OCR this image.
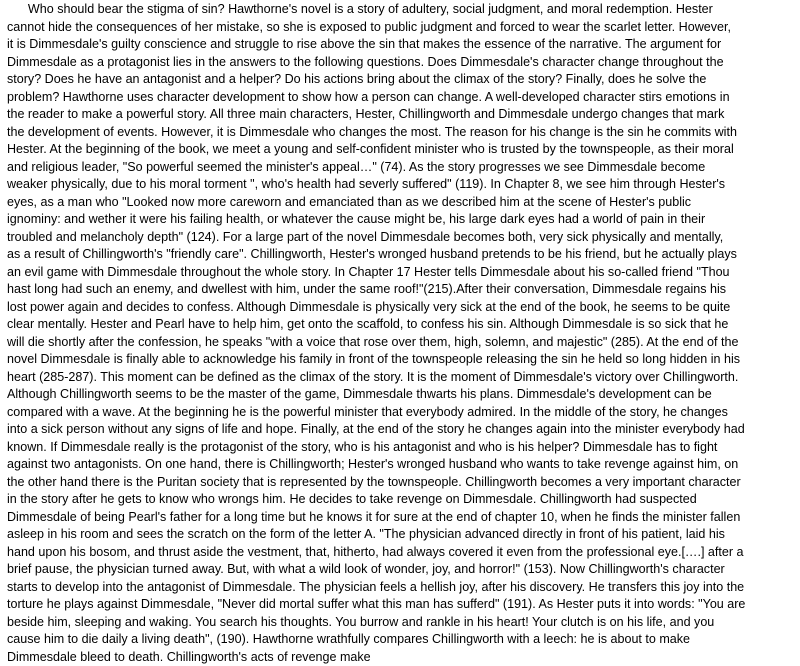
Who should bear the stigma of sin? Hawthorne's novel is a story of adultery, social judgment, and moral redemption. Hester
cannot hide the consequences of her mistake, so she is exposed to public judgment and forced to wear the scarlet letter. However,
it is Dimmesdale's guilty conscience and struggle to rise above the sin that makes the essence of the narrative. The argument for
Dimmesdale as a protagonist lies in the answers to the following questions. Does Dimmesdale's character change throughout the
story? Does he have an antagonist and a helper? Do his actions bring about the climax of the story? Finally, does he solve the
problem? Hawthorne uses character development to show how a person can change. A well-developed character stirs emotions in
the reader to make a powerful story. All three main characters, Hester, Chillingworth and Dimmesdale undergo changes that mark
the development of events. However, it is Dimmesdale who changes the most. The reason for his change is the sin he commits with
Hester. At the beginning of the book, we meet a young and self-confident minister who is trusted by the townspeople, as their moral
and religious leader, "So powerful seemed the minister's appeal…" (74). As the story progresses we see Dimmesdale become
weaker physically, due to his moral torment ", who's health had severly suffered" (119). In Chapter 8, we see him through Hester's
eyes, as a man who "Looked now more careworn and emanciated than as we described him at the scene of Hester's public
ignominy: and wether it were his failing health, or whatever the cause might be, his large dark eyes had a world of pain in their
troubled and melancholy depth" (124). For a large part of the novel Dimmesdale becomes both, very sick physically and mentally,
as a result of Chillingworth's "friendly care". Chillingworth, Hester's wronged husband pretends to be his friend, but he actually plays
an evil game with Dimmesdale throughout the whole story. In Chapter 17 Hester tells Dimmesdale about his so-called friend "Thou
hast long had such an enemy, and dwellest with him, under the same roof!"(215).After their conversation, Dimmesdale regains his
lost power again and decides to confess. Although Dimmesdale is physically very sick at the end of the book, he seems to be quite
clear mentally. Hester and Pearl have to help him, get onto the scaffold, to confess his sin. Although Dimmesdale is so sick that he
will die shortly after the confession, he speaks "with a voice that rose over them, high, solemn, and majestic" (285). At the end of the
novel Dimmesdale is finally able to acknowledge his family in front of the townspeople releasing the sin he held so long hidden in his
heart (285-287). This moment can be defined as the climax of the story. It is the moment of Dimmesdale's victory over Chillingworth.
Although Chillingworth seems to be the master of the game, Dimmesdale thwarts his plans. Dimmesdale's development can be
compared with a wave. At the beginning he is the powerful minister that everybody admired. In the middle of the story, he changes
into a sick person without any signs of life and hope. Finally, at the end of the story he changes again into the minister everybody had
known. If Dimmesdale really is the protagonist of the story, who is his antagonist and who is his helper? Dimmesdale has to fight
against two antagonists. On one hand, there is Chillingworth; Hester's wronged husband who wants to take revenge against him, on
the other hand there is the Puritan society that is represented by the townspeople. Chillingworth becomes a very important character
in the story after he gets to know who wrongs him. He decides to take revenge on Dimmesdale. Chillingworth had suspected
Dimmesdale of being Pearl's father for a long time but he knows it for sure at the end of chapter 10, when he finds the minister fallen
asleep in his room and sees the scratch on the form of the letter A. "The physician advanced directly in front of his patient, laid his
hand upon his bosom, and thrust aside the vestment, that, hitherto, had always covered it even from the professional eye.[….] after a
brief pause, the physician turned away. But, with what a wild look of wonder, joy, and horror!" (153). Now Chillingworth's character
starts to develop into the antagonist of Dimmesdale. The physician feels a hellish joy, after his discovery. He transfers this joy into the
torture he plays against Dimmesdale, "Never did mortal suffer what this man has sufferd" (191). As Hester puts it into words: "You are
beside him, sleeping and waking. You search his thoughts. You burrow and rankle in his heart! Your clutch is on his life, and you
cause him to die daily a living death", (190). Hawthorne wrathfully compares Chillingworth with a leech: he is about to make
Dimmesdale bleed to death. Chillingworth's acts of revenge make
